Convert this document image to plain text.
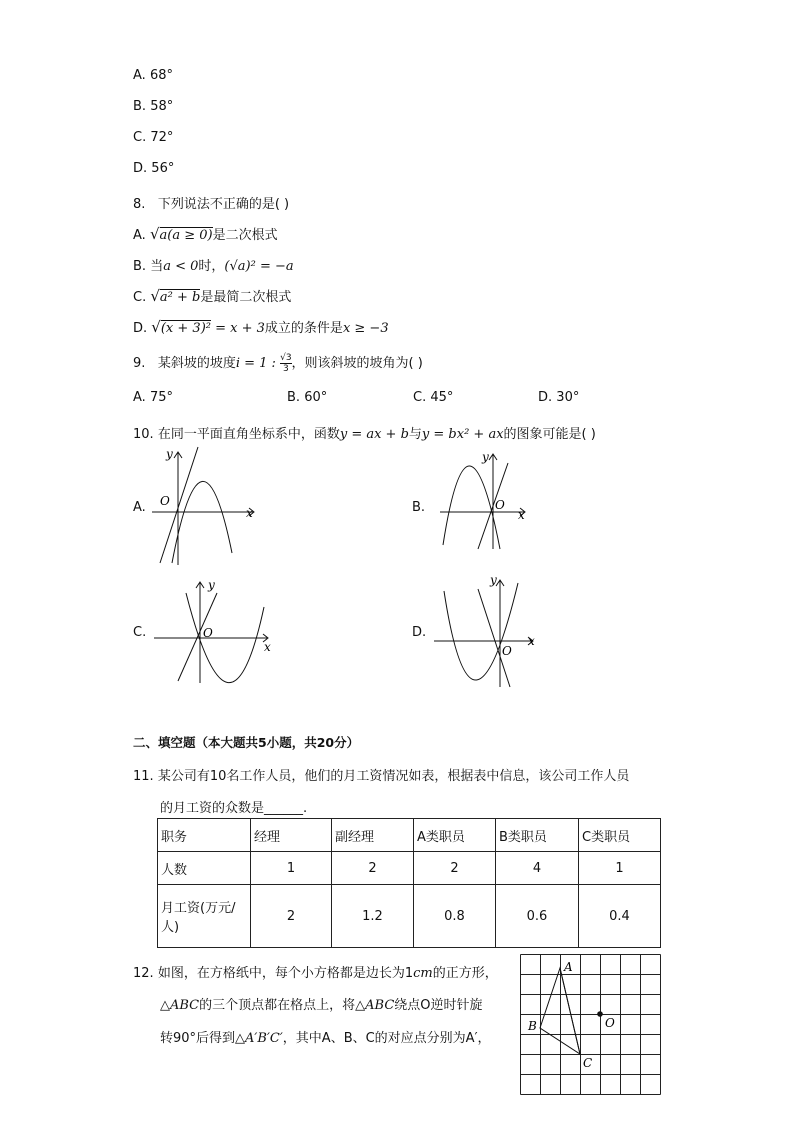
A. 68°
B. 58°
C. 72°
D. 56°
8. 下列说法不正确的是( )
A. √a(a ≥ 0)是二次根式
B. 当a < 0时，(√a)² = −a
C. √a² + b是最简二次根式
D. √(x + 3)² = x + 3成立的条件是x ≥ −3
9. 某斜坡的坡度i = 1 : $\frac{√3}{3}$ ，则该斜坡的坡角为( )
A. 75°	B. 60°	C. 45°	D. 30°
10. 在同一平面直角坐标系中，函数y = ax + b与y = bx² + ax的图象可能是( )
A.	x
y
O	B.	x
y
O
C.
x
y
O	D.
x
y
O
二、填空题（本大题共5小题，共20分）
11. 某公司有10名工作人员，他们的月工资情况如表，根据表中信息，该公司工作人员
的月工资的众数是______.
职务	经理	副经理	A类职员	B类职员	C类职员
人数	1	2	2	4	1
月工资(万元/
人)	2	1.2	0.8	0.6	0.4
12. 如图，在方格纸中，每个小方格都是边长为1cm的正方形，
△ABC的三个顶点都在格点上，将△ABC绕点O逆时针旋
转90°后得到△A′B′C′，其中A、B、C的对应点分别为A′，
A
B
C
O
